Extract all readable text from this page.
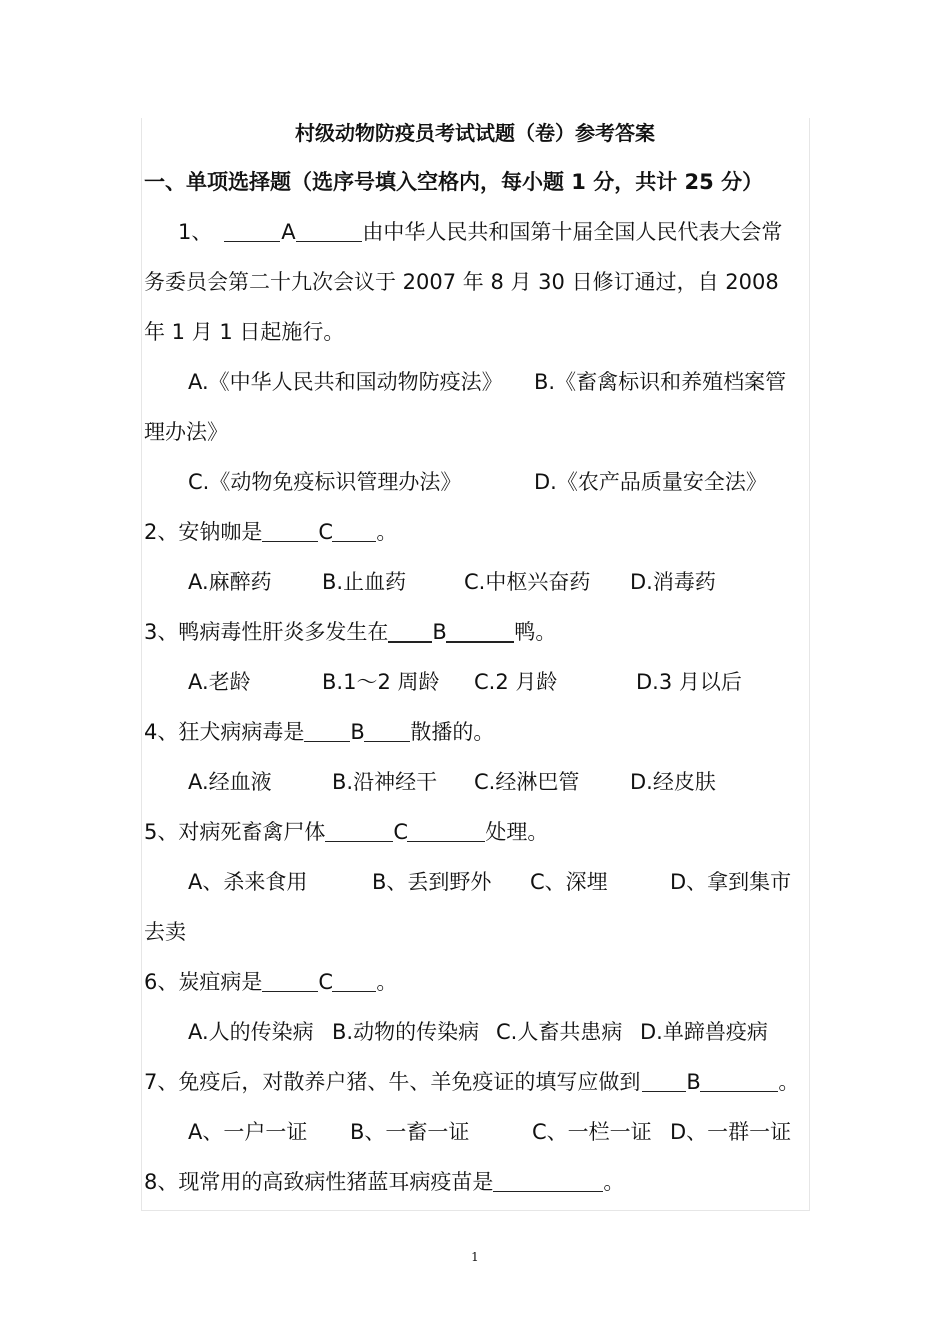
村级动物防疫员考试试题（卷）参考答案
一、单项选择题（选序号填入空格内，每小题 1 分，共计 25 分）
1、	A	由中华人民共和国第十届全国人民代表大会常
务委员会第二十九次会议于 2007 年 8 月 30 日修订通过，自 2008
年 1 月 1 日起施行。
A.《中华人民共和国动物防疫法》 B.《畜禽标识和养殖档案管
理办法》
C.《动物免疫标识管理办法》	D.《农产品质量安全法》
2、安钠咖是	C 。
A.麻醉药 B.止血药	C.中枢兴奋药 D.消毒药
3、鸭病毒性肝炎多发生在 B	鸭。
A.老龄	B.1～2 周龄 C.2 月龄	D.3 月以后
4、狂犬病病毒是 B 散播的。
A.经血液	B.沿神经干 C.经淋巴管 D.经皮肤
5、对病死畜禽尸体	C	处理。
A、杀来食用	B、丢到野外 C、深埋	D、拿到集市
去卖
6、炭疽病是	C 。
A.人的传染病 B.动物的传染病 C.人畜共患病 D.单蹄兽疫病
7、免疫后，对散养户猪、牛、羊免疫证的填写应做到 B	。
A、一户一证 B、一畜一证	C、一栏一证 D、一群一证
8、现常用的高致病性猪蓝耳病疫苗是	。
1
